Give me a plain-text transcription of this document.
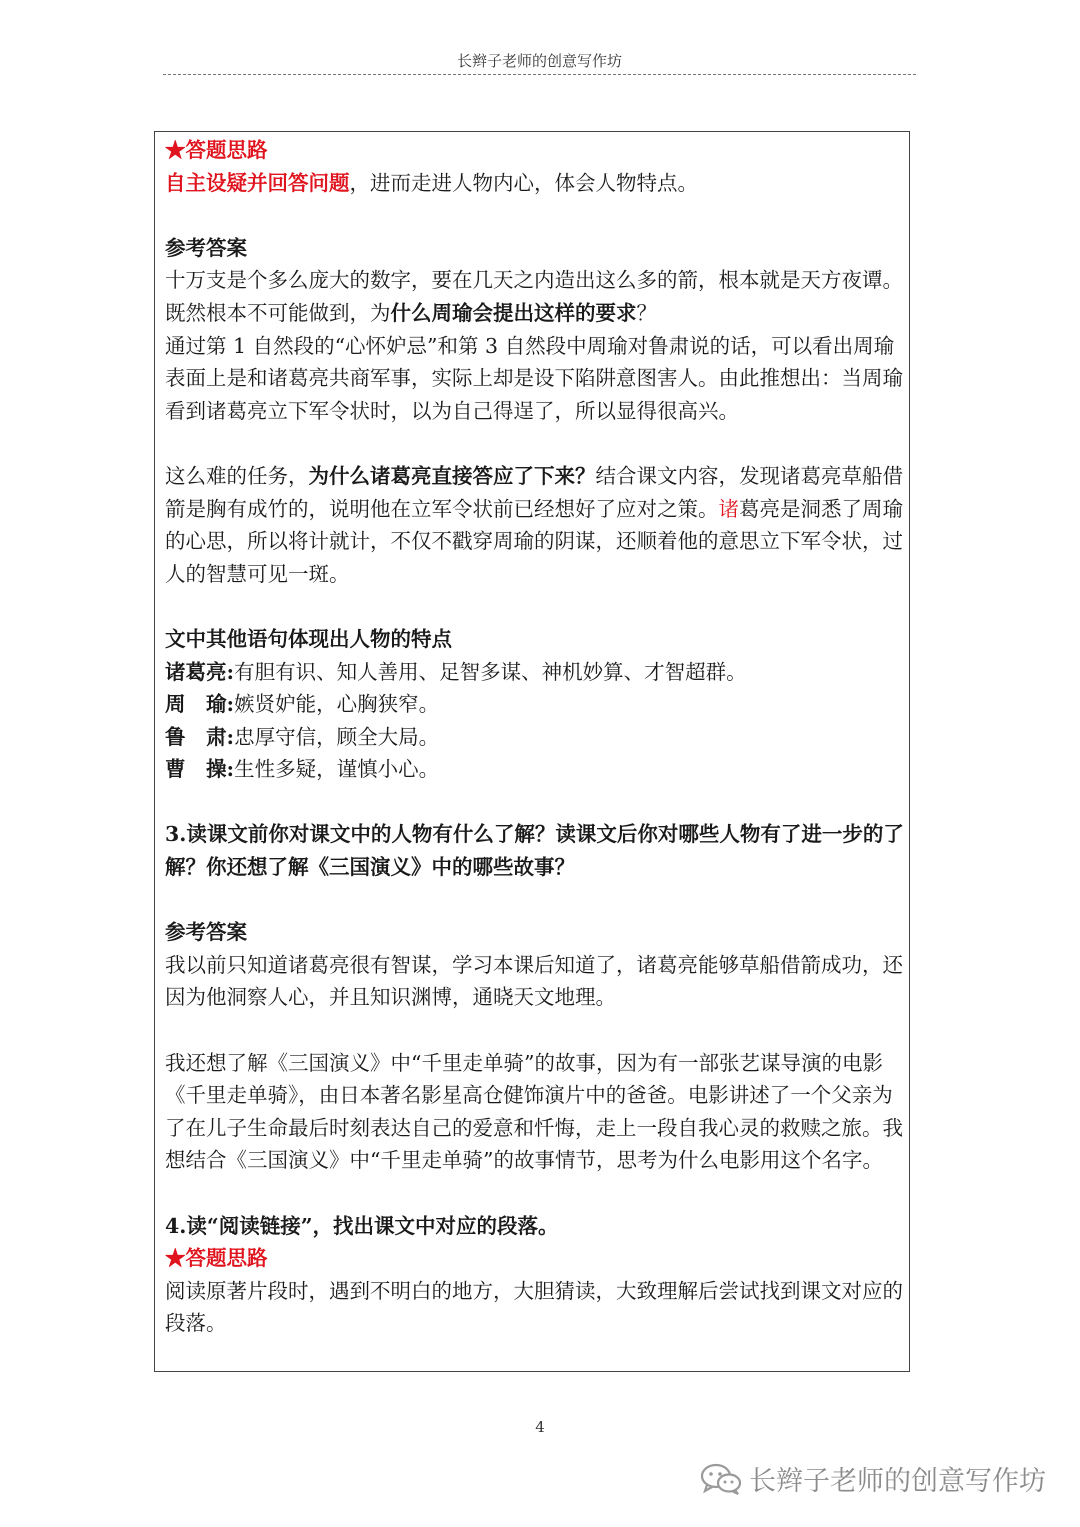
长辫子老师的创意写作坊

★答题思路

自主设疑并回答问题，进而走进人物内心，体会人物特点。

参考答案

十万支是个多么庞大的数字，要在几天之内造出这么多的箭，根本就是天方夜谭。既然根本不可能做到，为什么周瑜会提出这样的要求？

通过第 1 自然段的“心怀妒忌”和第 3 自然段中周瑜对鲁肃说的话，可以看出周瑜表面上是和诸葛亮共商军事，实际上却是设下陷阱意图害人。由此推想出：当周瑜看到诸葛亮立下军令状时，以为自己得逞了，所以显得很高兴。

这么难的任务，为什么诸葛亮直接答应了下来？结合课文内容，发现诸葛亮草船借箭是胸有成竹的，说明他在立军令状前已经想好了应对之策。诸葛亮是洞悉了周瑜的心思，所以将计就计，不仅不戳穿周瑜的阴谋，还顺着他的意思立下军令状，过人的智慧可见一斑。

文中其他语句体现出人物的特点

诸葛亮:有胆有识、知人善用、足智多谋、神机妙算、才智超群。

周　瑜:嫉贤妒能，心胸狭窄。

鲁　肃:忠厚守信，顾全大局。

曹　操:生性多疑，谨慎小心。

3.读课文前你对课文中的人物有什么了解？读课文后你对哪些人物有了进一步的了解？你还想了解《三国演义》中的哪些故事？

参考答案

我以前只知道诸葛亮很有智谋，学习本课后知道了，诸葛亮能够草船借箭成功，还因为他洞察人心，并且知识渊博，通晓天文地理。

我还想了解《三国演义》中“千里走单骑”的故事，因为有一部张艺谋导演的电影《千里走单骑》，由日本著名影星高仓健饰演片中的爸爸。电影讲述了一个父亲为了在儿子生命最后时刻表达自己的爱意和忏悔，走上一段自我心灵的救赎之旅。我想结合《三国演义》中“千里走单骑”的故事情节，思考为什么电影用这个名字。

4.读“阅读链接”，找出课文中对应的段落。

★答题思路

阅读原著片段时，遇到不明白的地方，大胆猜读，大致理解后尝试找到课文对应的段落。

4
长辫子老师的创意写作坊
